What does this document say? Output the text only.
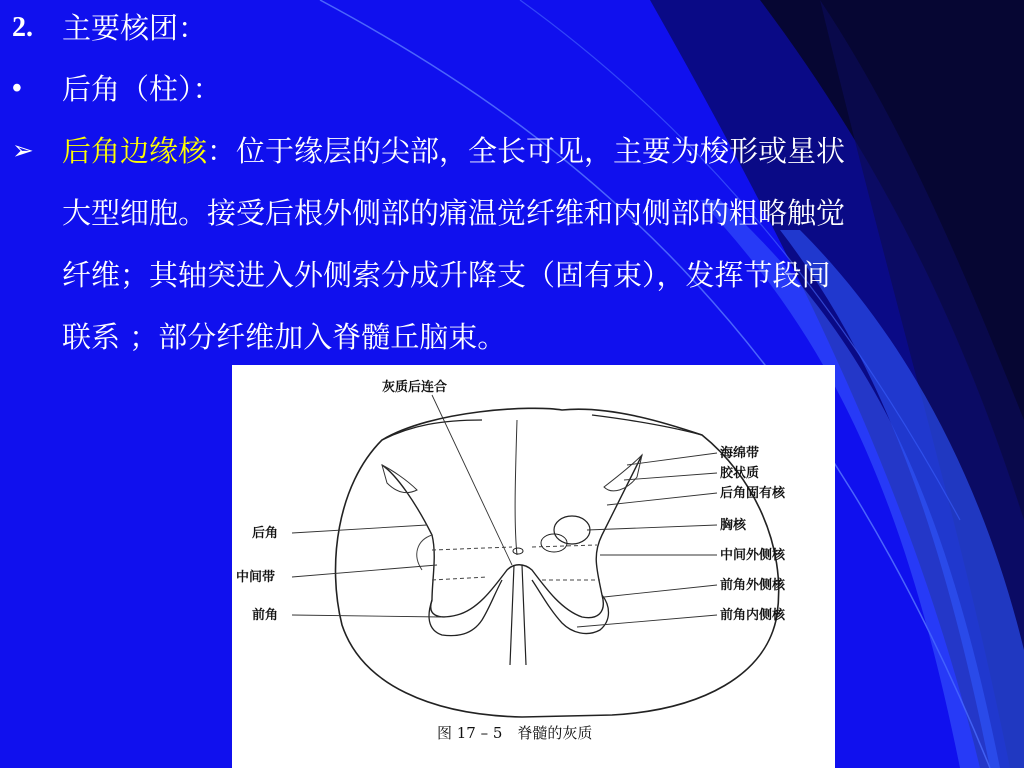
2. 主要核团：
• 后角（柱）：
➢ 后角边缘核：位于缘层的尖部，全长可见，主要为梭形或星状
大型细胞。接受后根外侧部的痛温觉纤维和内侧部的粗略触觉
纤维；其轴突进入外侧索分成升降支（固有束），发挥节段间
联系 ；部分纤维加入脊髓丘脑束。
灰质后连合
后角
中间带
前角
海绵带
胶状质
后角固有核
胸核
中间外侧核
前角外侧核
前角内侧核
图 17 – 5　脊髓的灰质
